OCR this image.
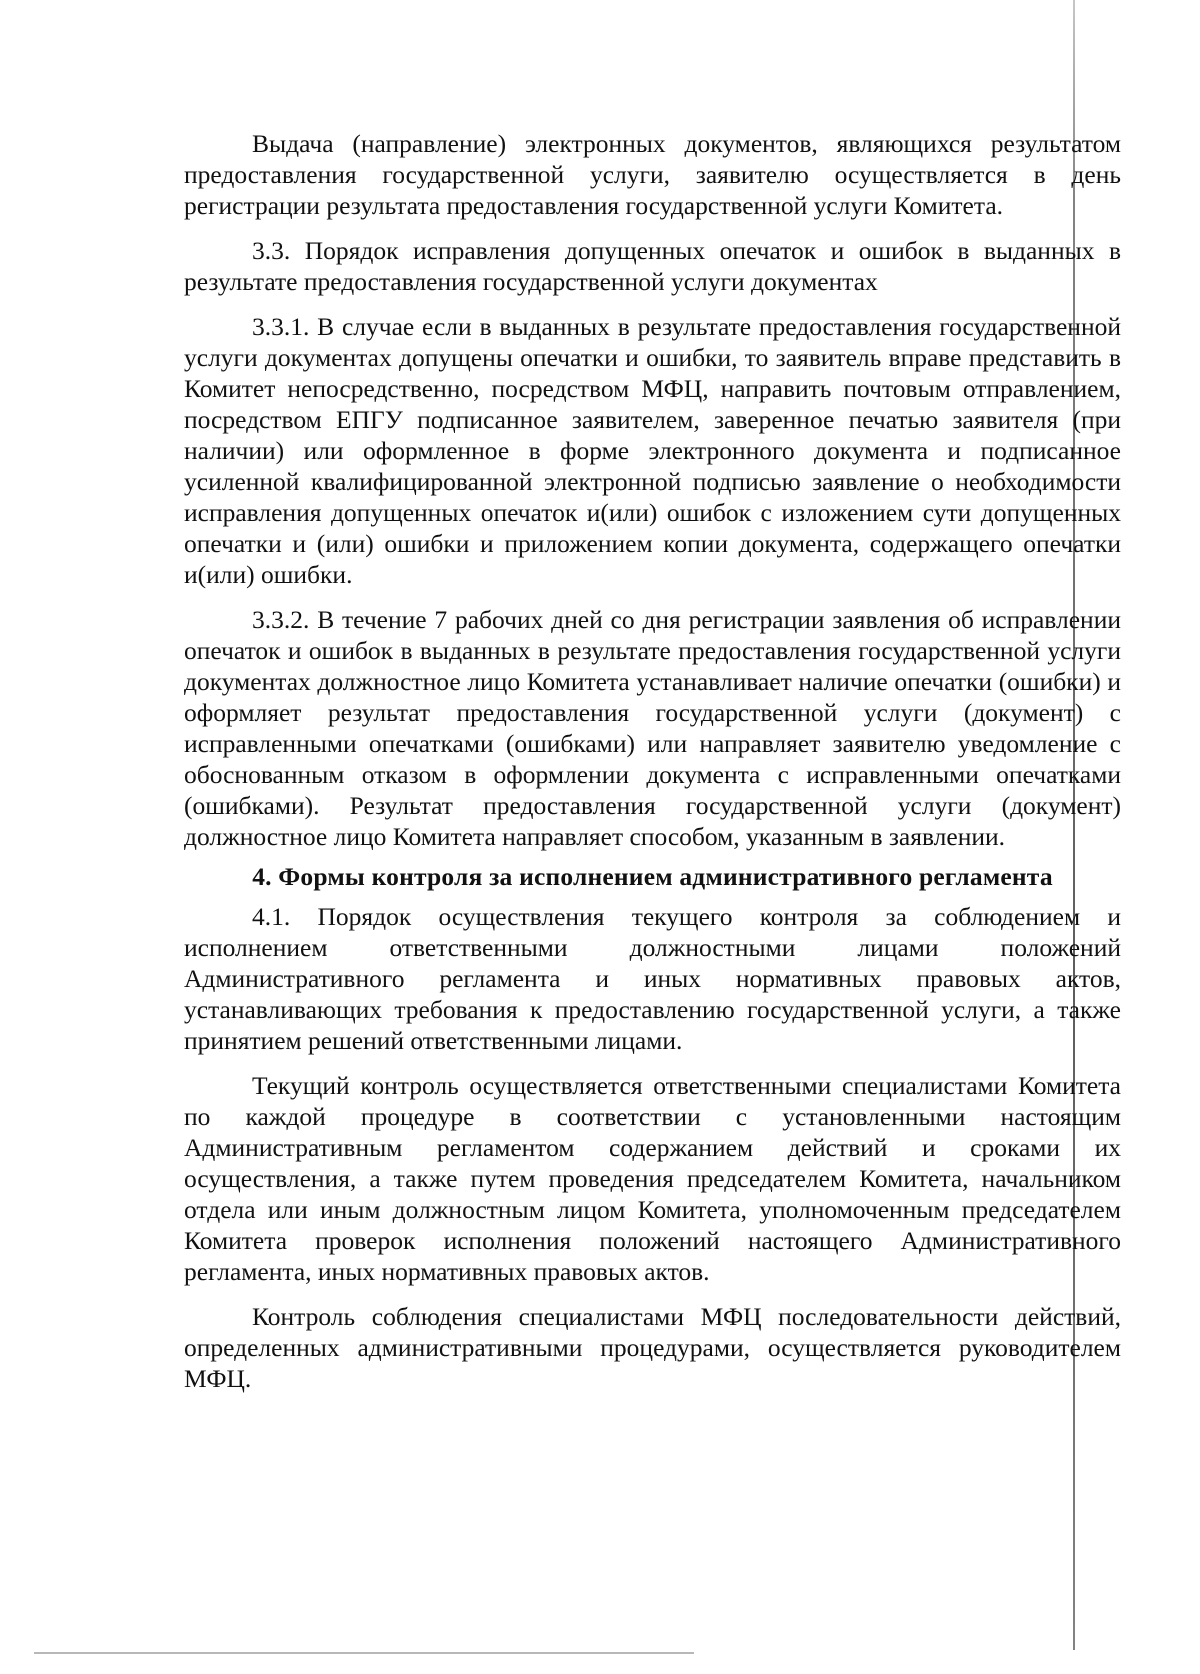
Выдача (направление) электронных документов, являющихся результатом предоставления государственной услуги, заявителю осуществляется в день регистрации результата предоставления государственной услуги Комитета.

3.3. Порядок исправления допущенных опечаток и ошибок в выданных в результате предоставления государственной услуги документах

3.3.1. В случае если в выданных в результате предоставления государственной услуги документах допущены опечатки и ошибки, то заявитель вправе представить в Комитет непосредственно, посредством МФЦ, направить почтовым отправлением, посредством ЕПГУ подписанное заявителем, заверенное печатью заявителя (при наличии) или оформленное в форме электронного документа и подписанное усиленной квалифицированной электронной подписью заявление о необходимости исправления допущенных опечаток и(или) ошибок с изложением сути допущенных опечатки и (или) ошибки и приложением копии документа, содержащего опечатки и(или) ошибки.

3.3.2. В течение 7 рабочих дней со дня регистрации заявления об исправлении опечаток и ошибок в выданных в результате предоставления государственной услуги документах должностное лицо Комитета устанавливает наличие опечатки (ошибки) и оформляет результат предоставления государственной услуги (документ) с исправленными опечатками (ошибками) или направляет заявителю уведомление с обоснованным отказом в оформлении документа с исправленными опечатками (ошибками). Результат предоставления государственной услуги (документ) должностное лицо Комитета направляет способом, указанным в заявлении.

4. Формы контроля за исполнением административного регламента

4.1. Порядок осуществления текущего контроля за соблюдением и исполнением ответственными должностными лицами положений Административного регламента и иных нормативных правовых актов, устанавливающих требования к предоставлению государственной услуги, а также принятием решений ответственными лицами.

Текущий контроль осуществляется ответственными специалистами Комитета по каждой процедуре в соответствии с установленными настоящим Административным регламентом содержанием действий и сроками их осуществления, а также путем проведения председателем Комитета, начальником отдела или иным должностным лицом Комитета, уполномоченным председателем Комитета проверок исполнения положений настоящего Административного регламента, иных нормативных правовых актов.

Контроль соблюдения специалистами МФЦ последовательности действий, определенных административными процедурами, осуществляется руководителем МФЦ.
